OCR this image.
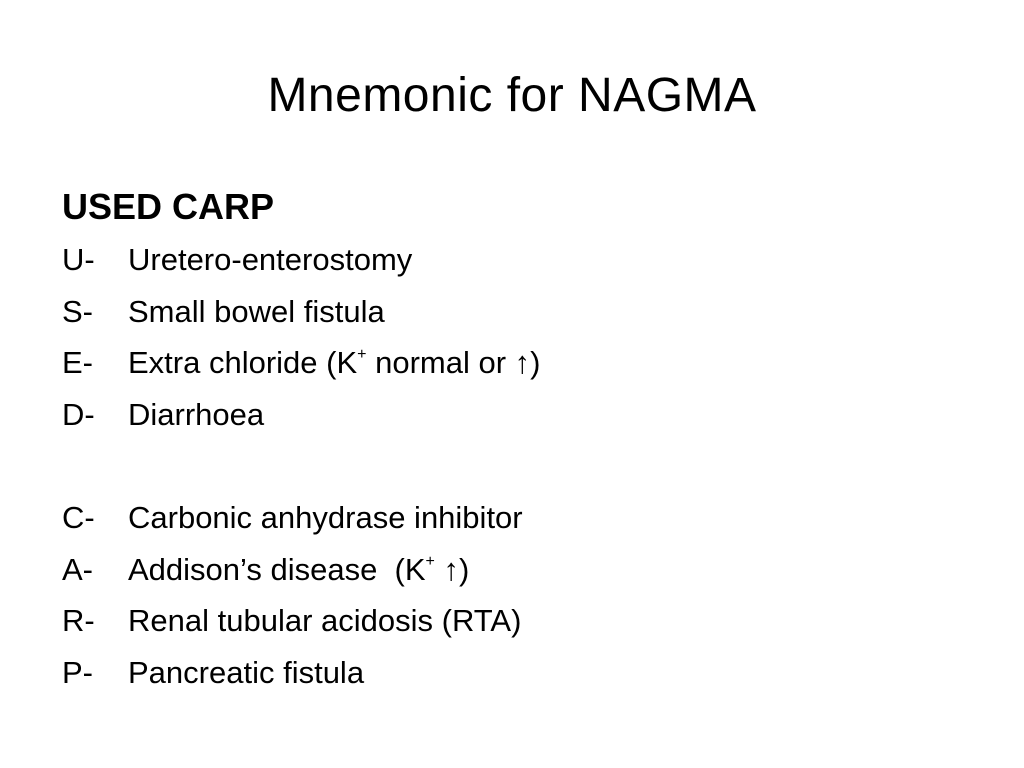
Mnemonic for NAGMA
USED CARP
U-	Uretero-enterostomy
S-	Small bowel fistula
E-	Extra chloride (K+ normal or ↑)
D-	Diarrhoea
C-	Carbonic anhydrase inhibitor
A-	Addison’s disease  (K+ ↑)
R-	Renal tubular acidosis (RTA)
P-	Pancreatic fistula
